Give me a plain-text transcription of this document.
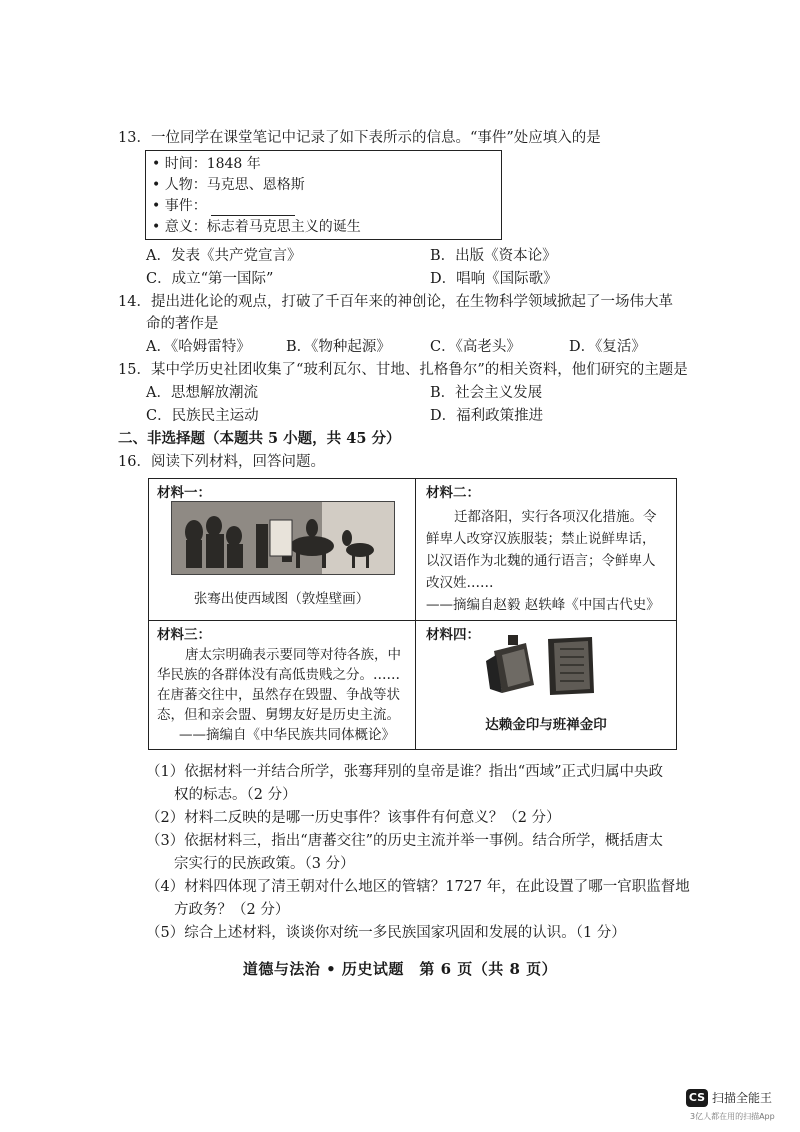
13．一位同学在课堂笔记中记录了如下表所示的信息。“事件”处应填入的是
• 时间：1848 年
• 人物：马克思、恩格斯
• 事件：
• 意义：标志着马克思主义的诞生
A．发表《共产党宣言》	B．出版《资本论》
C．成立“第一国际”	D．唱响《国际歌》
14．提出进化论的观点，打破了千百年来的神创论，在生物科学领域掀起了一场伟大革
命的著作是
A．《哈姆雷特》 B．《物种起源》	C．《高老头》	D．《复活》
15．某中学历史社团收集了“玻利瓦尔、甘地、扎格鲁尔”的相关资料，他们研究的主题是
A．思想解放潮流	B．社会主义发展
C．民族民主运动	D．福利政策推进
二、非选择题（本题共 5 小题，共 45 分）
16．阅读下列材料，回答问题。
材料一：
张骞出使西域图（敦煌壁画）
材料二：
迁都洛阳，实行各项汉化措施。令
鲜卑人改穿汉族服装；禁止说鲜卑话，
以汉语作为北魏的通行语言；令鲜卑人
改汉姓……
——摘编自赵毅 赵轶峰《中国古代史》
材料三：
唐太宗明确表示要同等对待各族，中
华民族的各群体没有高低贵贱之分。……
在唐蕃交往中，虽然存在毁盟、争战等状
态，但和亲会盟、舅甥友好是历史主流。
——摘编自《中华民族共同体概论》
材料四：
达赖金印与班禅金印
（1）依据材料一并结合所学，张骞拜别的皇帝是谁？指出“西域”正式归属中央政
权的标志。（2 分）
（2）材料二反映的是哪一历史事件？该事件有何意义？（2 分）
（3）依据材料三，指出“唐蕃交往”的历史主流并举一事例。结合所学，概括唐太
宗实行的民族政策。（3 分）
（4）材料四体现了清王朝对什么地区的管辖？1727 年，在此设置了哪一官职监督地
方政务？（2 分）
（5）综合上述材料，谈谈你对统一多民族国家巩固和发展的认识。（1 分）
道德与法治 • 历史试题　第 6 页（共 8 页）
CS 扫描全能王
3亿人都在用的扫描App
